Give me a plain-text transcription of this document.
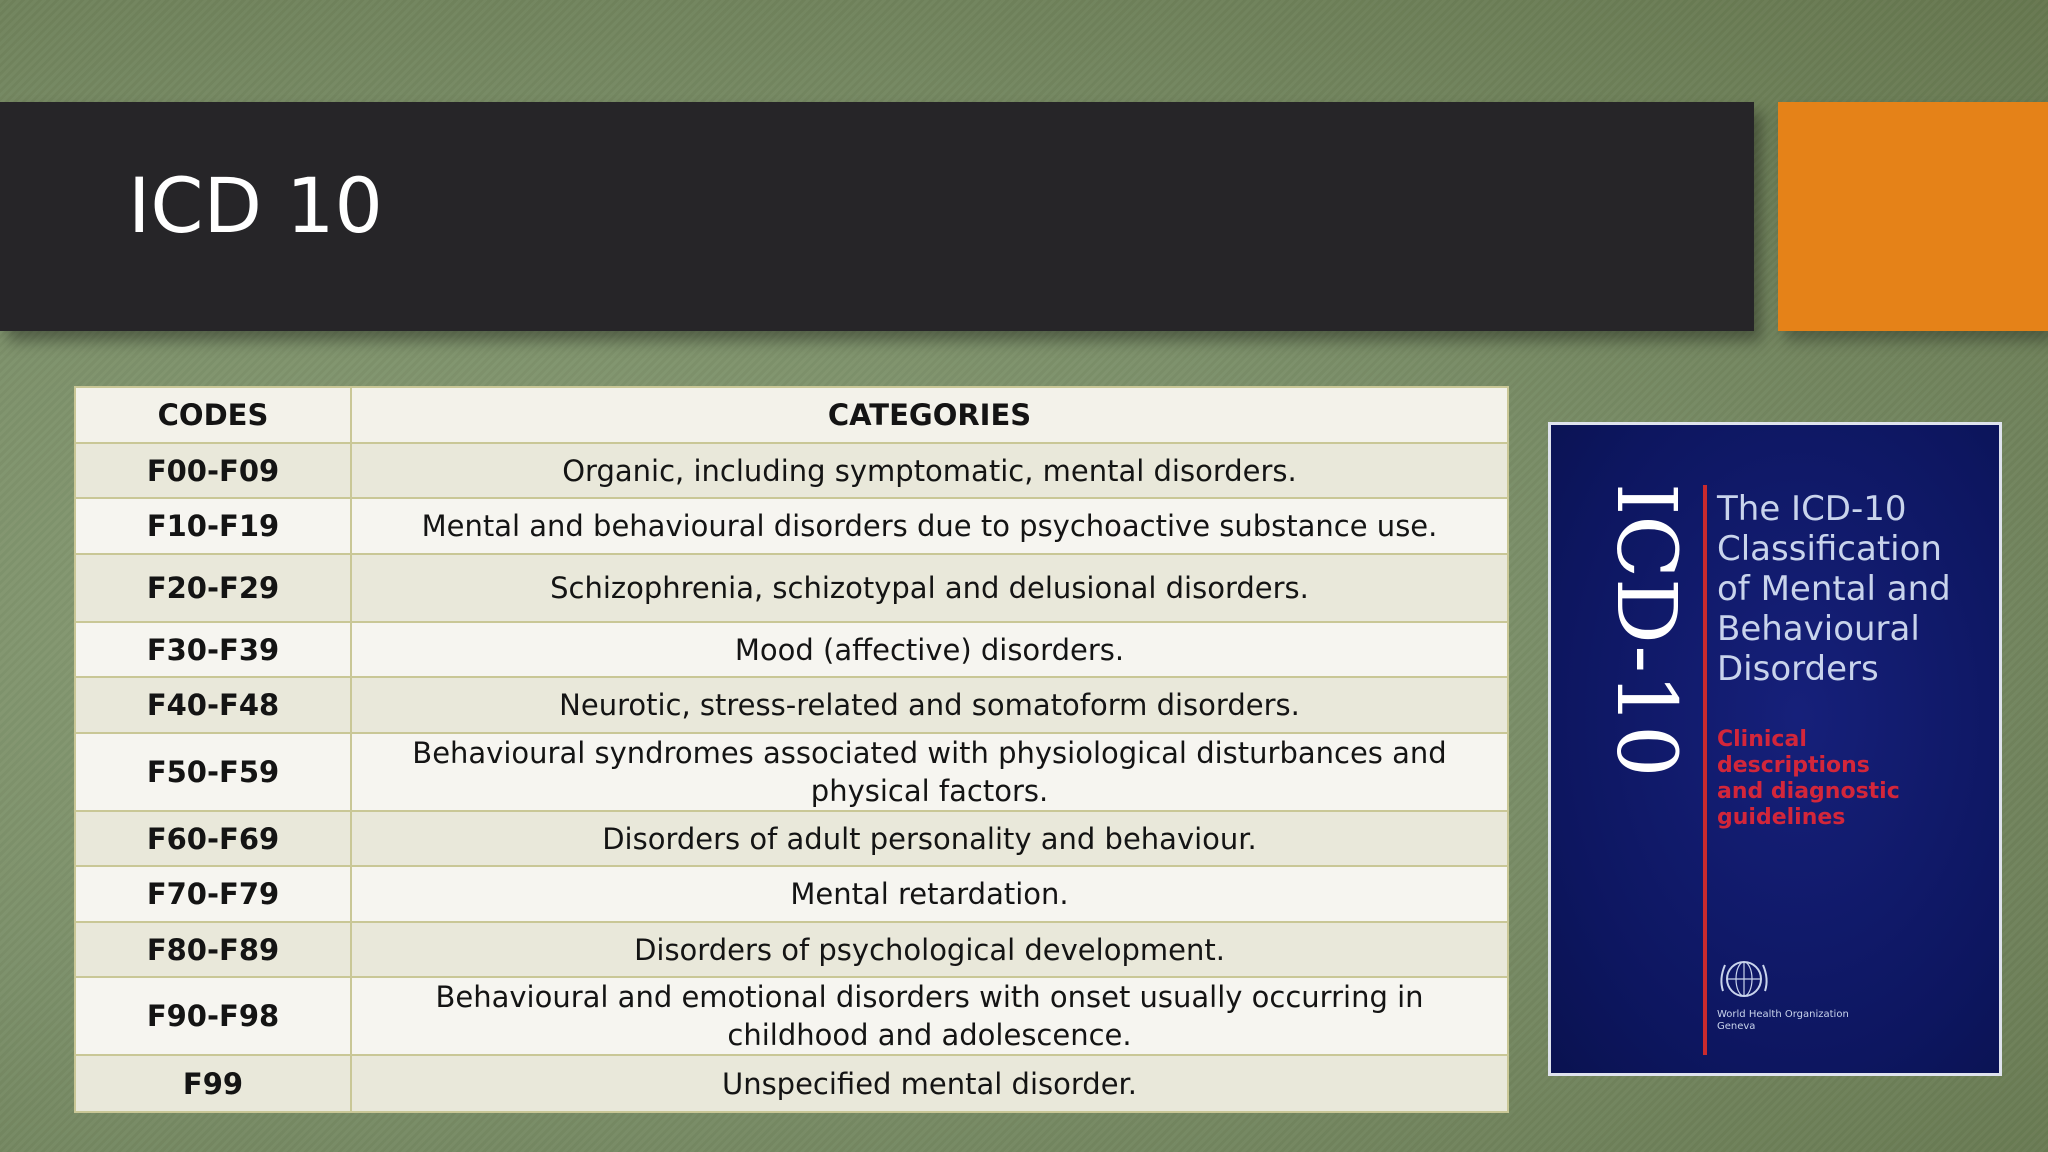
ICD 10
CODES	CATEGORIES
F00-F09	Organic, including symptomatic, mental disorders.
F10-F19	Mental and behavioural disorders due to psychoactive substance use.
F20-F29	Schizophrenia, schizotypal and delusional disorders.
F30-F39	Mood (affective) disorders.
F40-F48	Neurotic, stress-related and somatoform disorders.
F50-F59	Behavioural syndromes associated with physiological disturbances and physical factors.
F60-F69	Disorders of adult personality and behaviour.
F70-F79	Mental retardation.
F80-F89	Disorders of psychological development.
F90-F98	Behavioural and emotional disorders with onset usually occurring in childhood and adolescence.
F99	Unspecified mental disorder.
ICD-10 The ICD-10
Classification
of Mental and
Behavioural
Disorders
Clinical
descriptions
and diagnostic
guidelines
World Health Organization
Geneva
